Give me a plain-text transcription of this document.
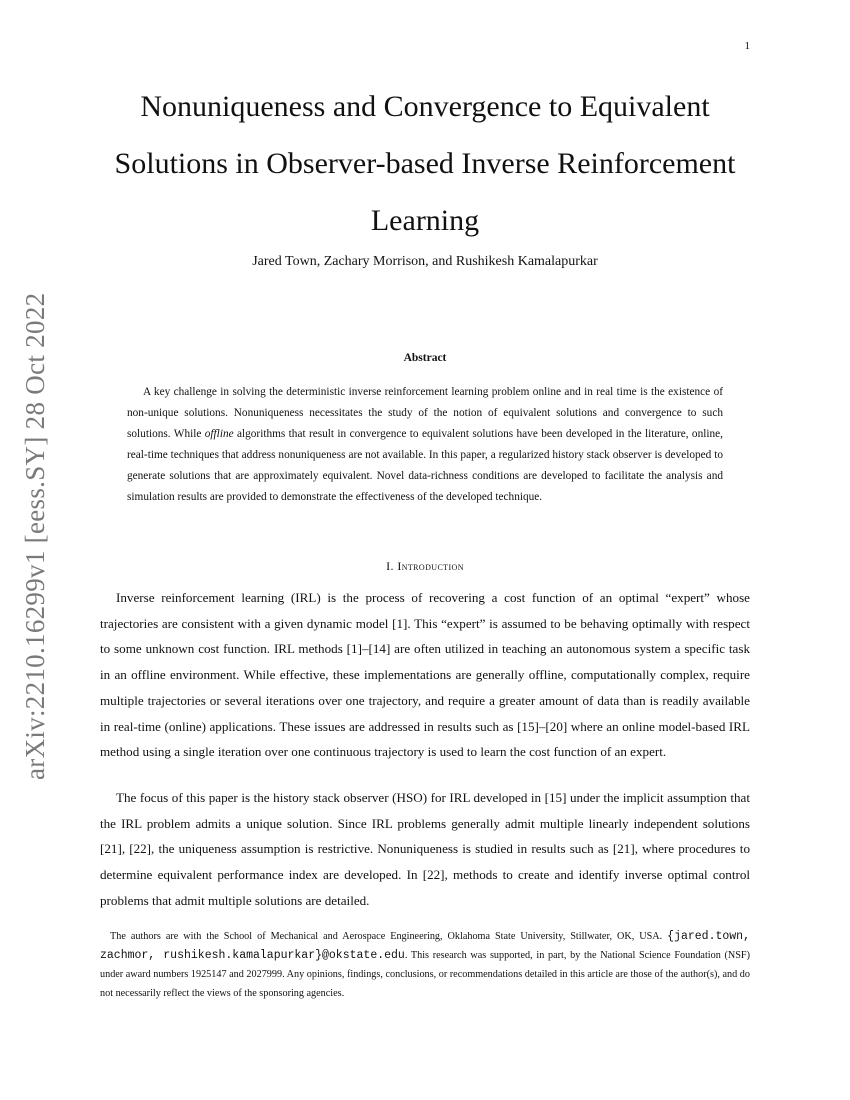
1
arXiv:2210.16299v1 [eess.SY] 28 Oct 2022
Nonuniqueness and Convergence to Equivalent Solutions in Observer-based Inverse Reinforcement Learning
Jared Town, Zachary Morrison, and Rushikesh Kamalapurkar
Abstract

A key challenge in solving the deterministic inverse reinforcement learning problem online and in real time is the existence of non-unique solutions. Nonuniqueness necessitates the study of the notion of equivalent solutions and convergence to such solutions. While offline algorithms that result in convergence to equivalent solutions have been developed in the literature, online, real-time techniques that address nonuniqueness are not available. In this paper, a regularized history stack observer is developed to generate solutions that are approximately equivalent. Novel data-richness conditions are developed to facilitate the analysis and simulation results are provided to demonstrate the effectiveness of the developed technique.

I. Introduction

Inverse reinforcement learning (IRL) is the process of recovering a cost function of an optimal “expert” whose trajectories are consistent with a given dynamic model [1]. This “expert” is assumed to be behaving optimally with respect to some unknown cost function. IRL methods [1]–[14] are often utilized in teaching an autonomous system a specific task in an offline environment. While effective, these implementations are generally offline, computationally complex, require multiple trajectories or several iterations over one trajectory, and require a greater amount of data than is readily available in real-time (online) applications. These issues are addressed in results such as [15]–[20] where an online model-based IRL method using a single iteration over one continuous trajectory is used to learn the cost function of an expert.

The focus of this paper is the history stack observer (HSO) for IRL developed in [15] under the implicit assumption that the IRL problem admits a unique solution. Since IRL problems generally admit multiple linearly independent solutions [21], [22], the uniqueness assumption is restrictive. Nonuniqueness is studied in results such as [21], where procedures to determine equivalent performance index are developed. In [22], methods to create and identify inverse optimal control problems that admit multiple solutions are detailed.

The authors are with the School of Mechanical and Aerospace Engineering, Oklahoma State University, Stillwater, OK, USA. {jared.town, zachmor, rushikesh.kamalapurkar}@okstate.edu. This research was supported, in part, by the National Science Foundation (NSF) under award numbers 1925147 and 2027999. Any opinions, findings, conclusions, or recommendations detailed in this article are those of the author(s), and do not necessarily reflect the views of the sponsoring agencies.
